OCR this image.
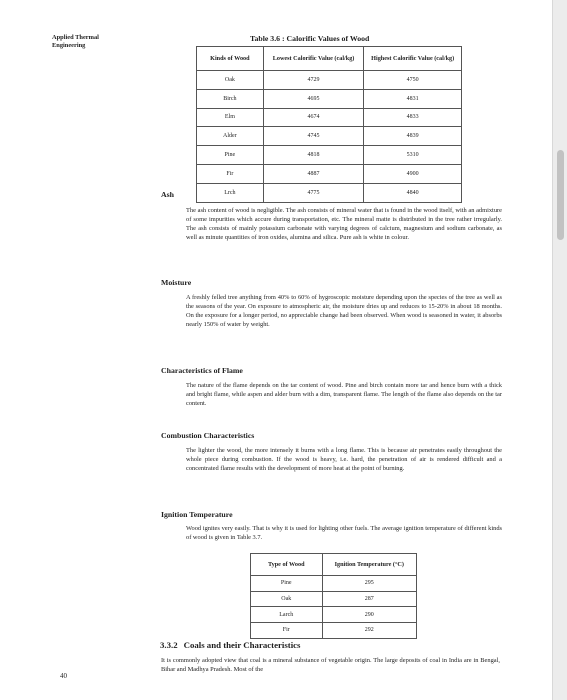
Applied Thermal
Engineering
Table 3.6 : Calorific Values of Wood
Kinds of Wood	Lowest Calorific Value (cal/kg)	Highest Calorific Value (cal/kg)
Oak	4729	4750
Birch	4695	4831
Elm	4674	4833
Alder	4745	4839
Pine	4818	5310
Fir	4887	4900
Lrch	4775	4840
Ash

The ash content of wood is negligible. The ash consists of mineral water that is found in the wood itself, with an admixture of some impurities which accure during transportation, etc. The mineral matte is distributed in the tree rather irregularly. The ash consists of mainly potassium carbonate with varying degrees of calcium, magnesium and sodium carbonate, as well as minute quantities of iron oxides, alumina and silica. Pure ash is white in colour.

Moisture

A freshly felled tree anything from 40% to 60% of hygroscopic moisture depending upon the species of the tree as well as the seasons of the year. On exposure to atmospheric air, the moisture dries up and reduces to 15-20% in about 18 months. On the exposure for a longer period, no appreciable change had been observed. When wood is seasoned in water, it absorbs nearly 150% of water by weight.

Characteristics of Flame

The nature of the flame depends on the tar content of wood. Pine and birch contain more tar and hence burn with a thick and bright flame, while aspen and alder burn with a dim, transparent flame. The length of the flame also depends on the tar content.

Combustion Characteristics

The lighter the wood, the more intensely it burns with a long flame. This is because air penetrates easily throughout the whole piece during combustion. If the wood is heavy, i.e. hard, the penetration of air is rendered difficult and a concentrated flame results with the development of more heat at the point of burning.

Ignition Temperature

Wood ignites very easily. That is why it is used for lighting other fuels. The average ignition temperature of different kinds of wood is given in Table 3.7.

Type of Wood	Ignition Temperature (°C)
Pine	295
Oak	287
Larch	290
Fir	292
3.3.2 Coals and their Characteristics

It is commonly adopted view that coal is a mineral substance of vegetable origin. The large deposits of coal in India are in Bengal, Bihar and Madhya Pradesh. Most of the

40
